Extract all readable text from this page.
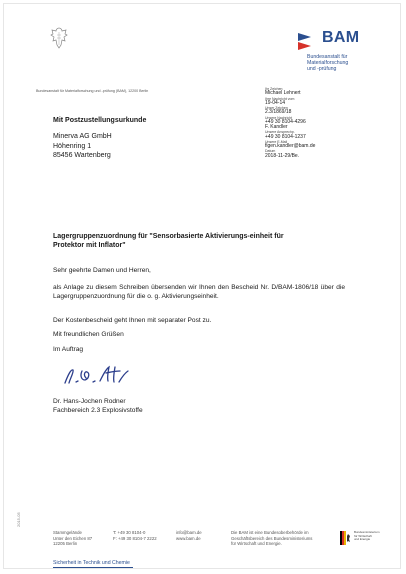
BAM
Bundesanstalt für
Materialforschung
und -prüfung
Bundesanstalt für Materialforschung und -prüfung (BAM), 12200 Berlin	Ihr Zeichen
Michael Lehnert
Ihre Nachricht vom
19-04-14
Unser Zeichen
2.3/1869/18
Unsere Nachricht
+49 30 8104-4296
F. Kandler
Unsere Ansprechp.
+49 30 8104-1237
Unsere E-Mail
figen.kandler@bam.de
Datum
2018-11-29/Be.
Mit Postzustellungsurkunde
Minerva AG GmbH
Höhenring 1
85456 Wartenberg
Lagergruppenzuordnung für "Sensorbasierte Aktivierungs-einheit für Protektor mit Inflator"
Sehr geehrte Damen und Herren,
als Anlage zu diesem Schreiben übersenden wir Ihnen den Bescheid Nr. D/BAM-1806/18 über die Lagergruppenzuordnung für die o. g. Aktivierungseinheit.
Der Kostenbescheid geht Ihnen mit separater Post zu.
Mit freundlichen Grüßen
Im Auftrag
Dr. Hans-Jochen Rodner
Fachbereich 2.3 Explosivstoffe
2015-05
Stammgelände
Unter den Eichen 87
12205 Berlin
T: +49 30 8104-0
F: +49 30 8104-7 2222
info@bam.de
www.bam.de
Die BAM ist eine Bundesoberbehörde im
Geschäftsbereich des Bundesministeriums
für Wirtschaft und Energie.
Bundesministerium
für Wirtschaft
und Energie
Sicherheit in Technik und Chemie
